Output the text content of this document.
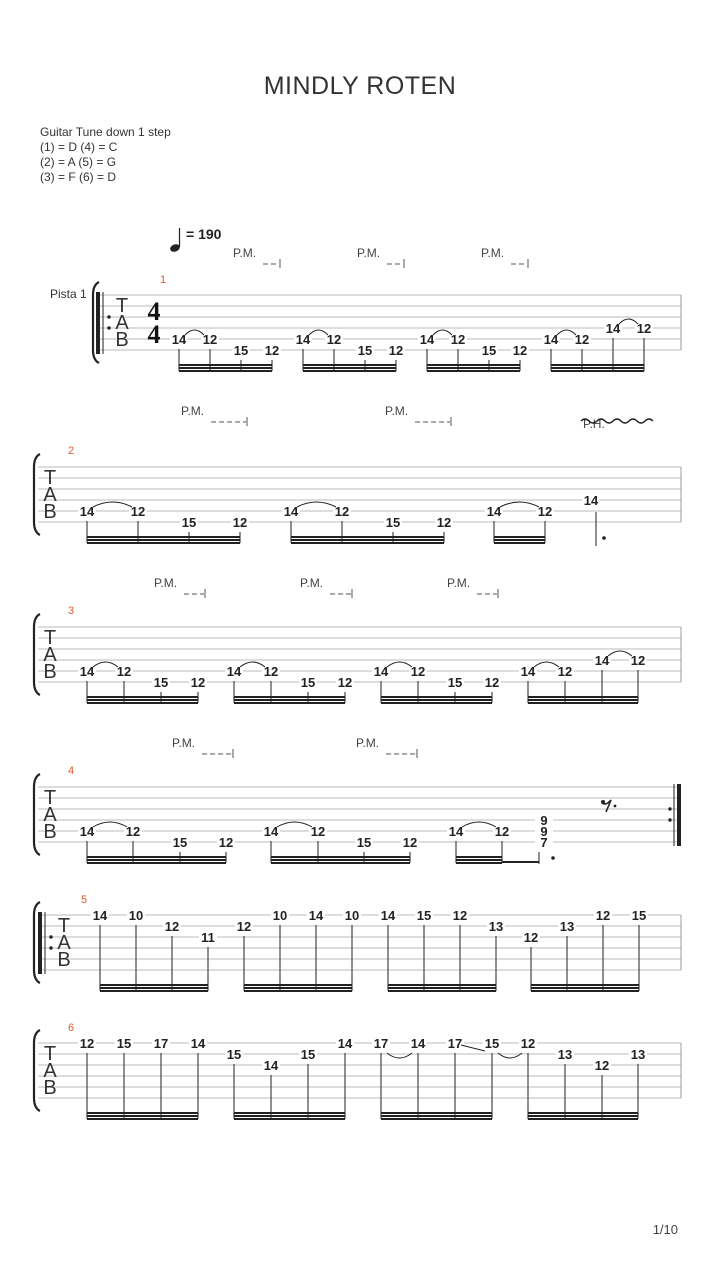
MINDLY ROTEN
Guitar Tune down 1 step
(1) = D (4) = C
(2) = A (5) = G
(3) = F (6) = D
= 190
Pista 1
P.M.	P.M.	P.M.
T
A
B
4
4
1
14 12
15 12
14 12
15 12
14 12
15 12
14 12
14 12
P.M.	P.M.
P.H.
T
A
B
2
14	12
15	12
14	12
15	12
14	12
14
P.M.	P.M.	P.M.
T
A
B
3
14 12
15 12
14 12
15 12
14 12
15 12
14 12
14 12
P.M.	P.M.
T
A
B
4
14 12
15 12
14	12
15 12
14 12
9
9
7
T
A
B
5
14 10
12
11
12
10 14 10 14 15 12
13
12
13
12 15
T
A
B
6
12 15 17 14
15
14
15
14 17 14 17 15 12
13
12
13
1/10
